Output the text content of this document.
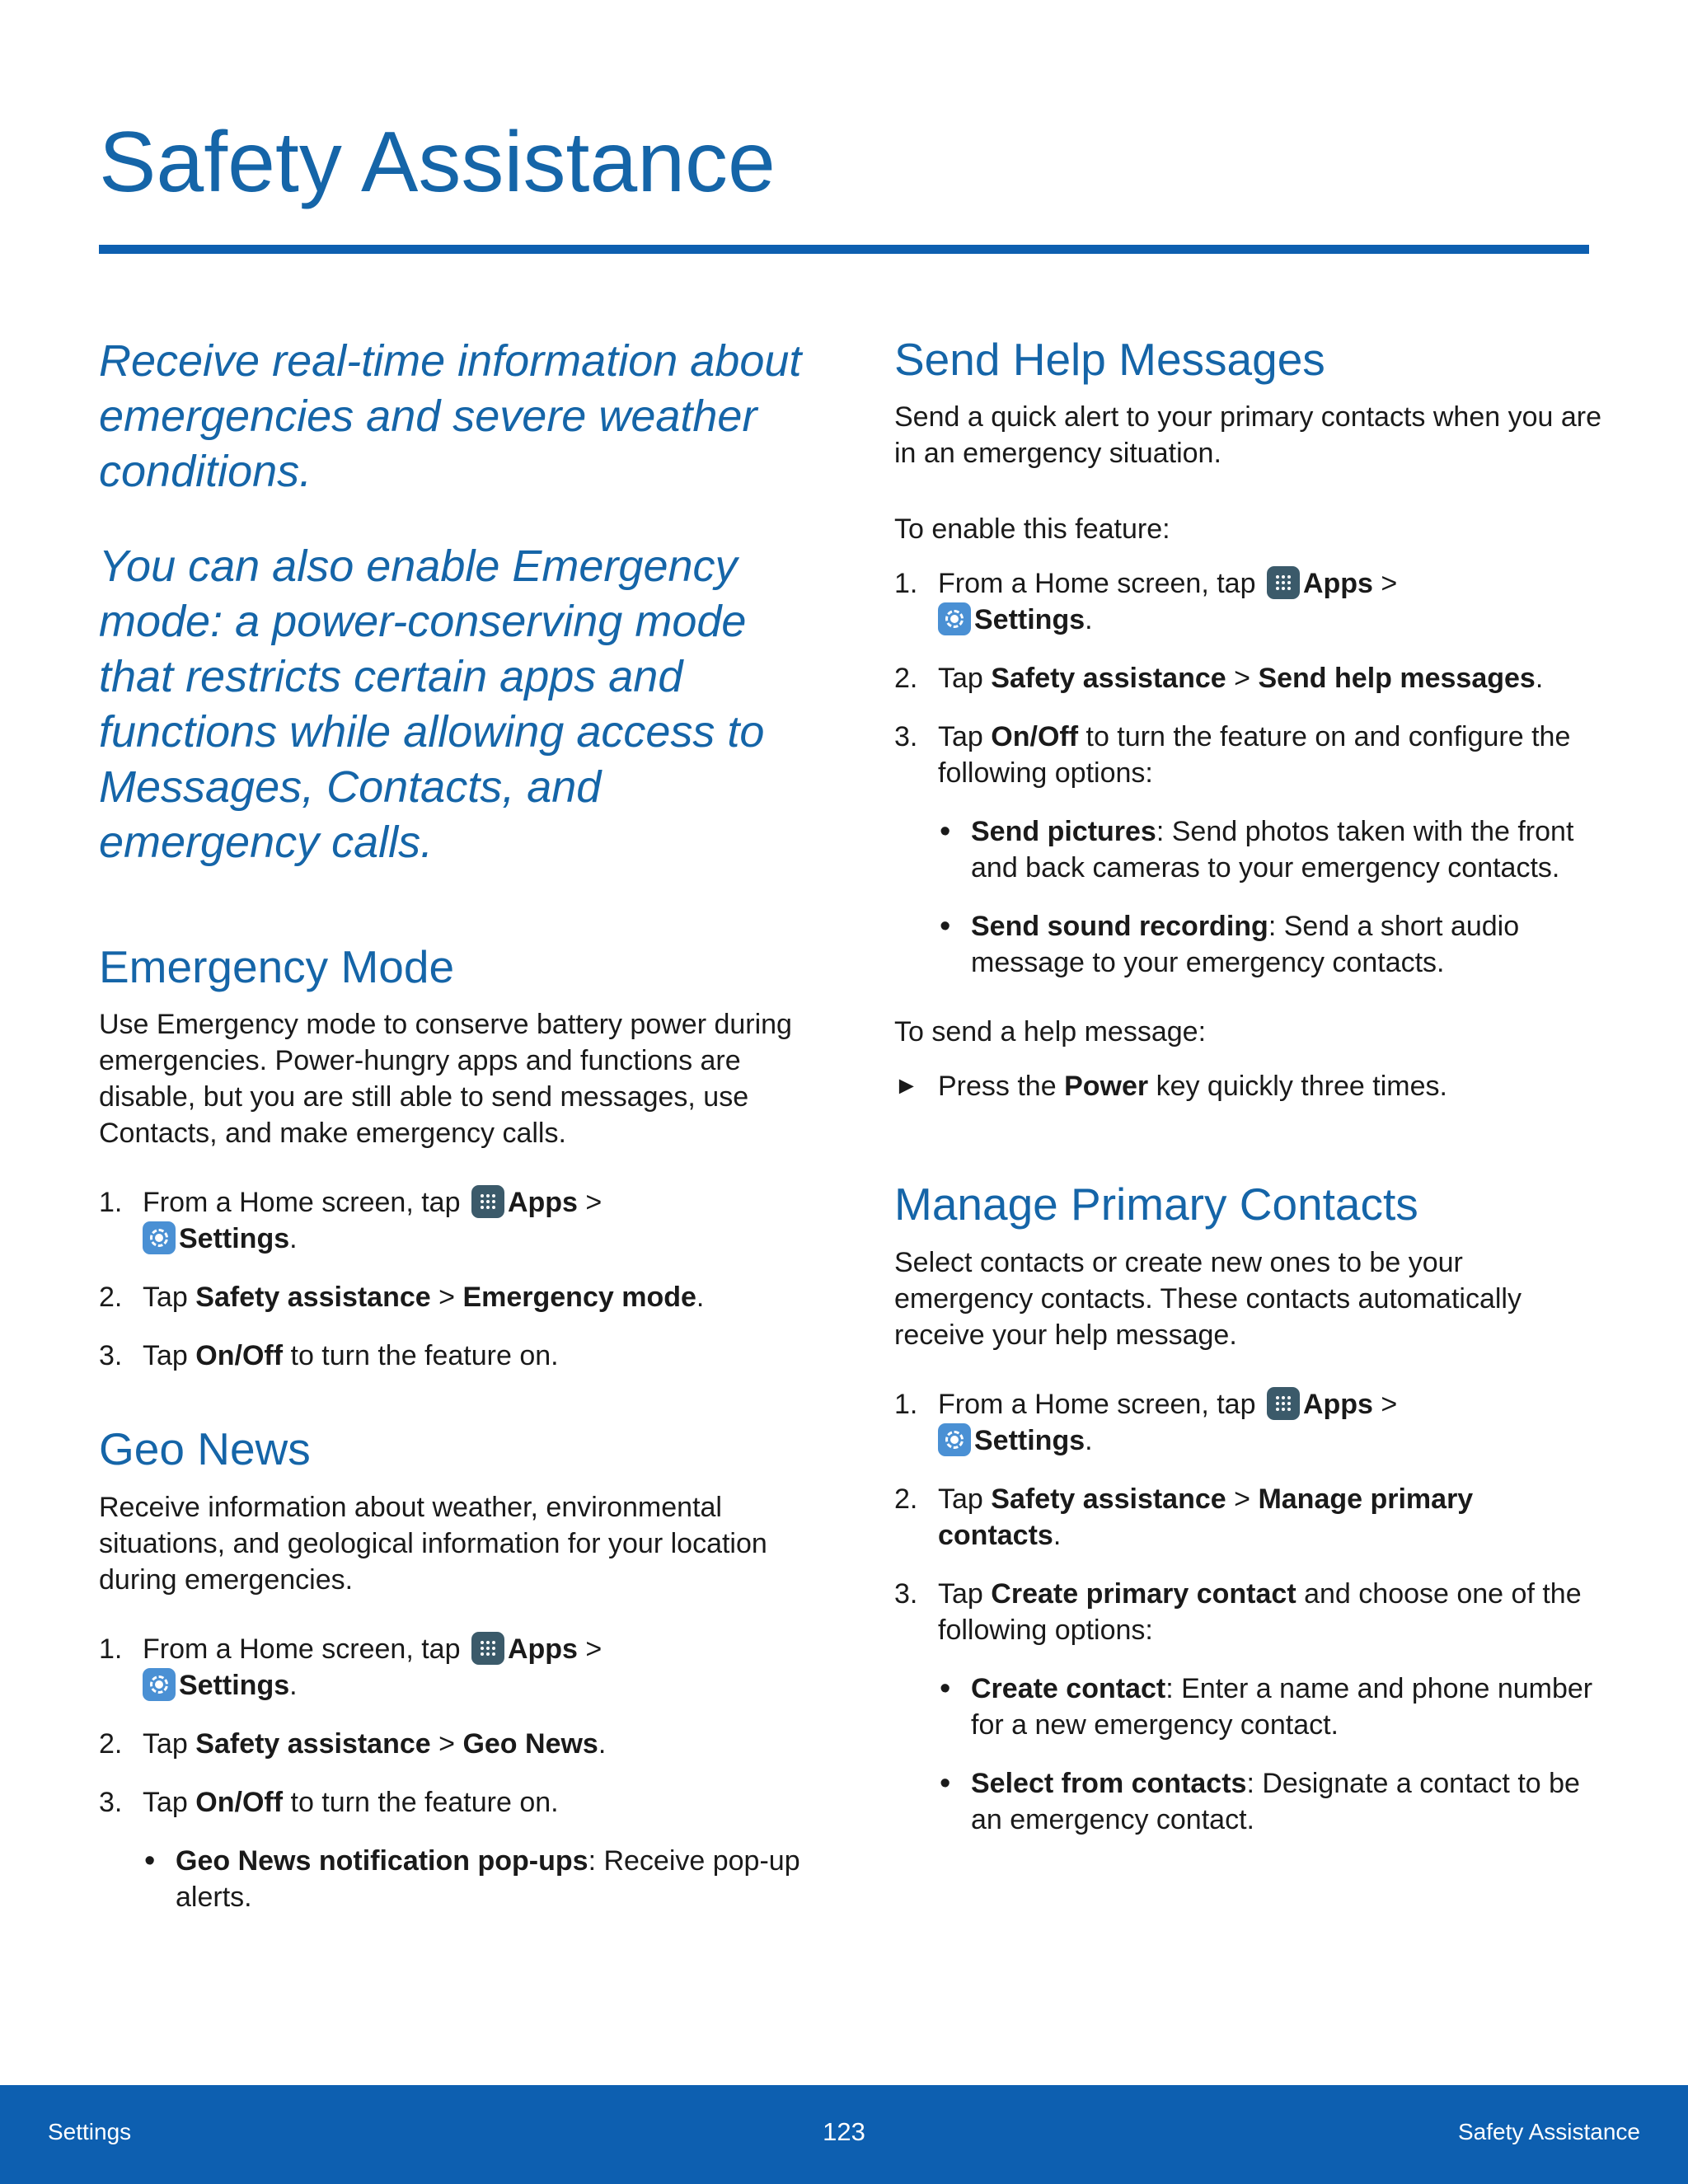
Safety Assistance

Receive real-time information about emergencies and severe weather conditions.

You can also enable Emergency mode: a power-conserving mode that restricts certain apps and functions while allowing access to Messages, Contacts, and emergency calls.

Emergency Mode

Use Emergency mode to conserve battery power during emergencies. Power-hungry apps and functions are disable, but you are still able to send messages, use Contacts, and make emergency calls.

1. From a Home screen, tap Apps >
Settings.
2. Tap Safety assistance > Emergency mode.
3. Tap On/Off to turn the feature on.
Geo News

Receive information about weather, environmental situations, and geological information for your location during emergencies.

1. From a Home screen, tap Apps >
Settings.
2. Tap Safety assistance > Geo News.
3. Tap On/Off to turn the feature on.
• Geo News notification pop-ups: Receive pop-up alerts.
Send Help Messages

Send a quick alert to your primary contacts when you are in an emergency situation.

To enable this feature:

1. From a Home screen, tap Apps >
Settings.
2. Tap Safety assistance > Send help messages.
3. Tap On/Off to turn the feature on and configure the following options:
• Send pictures: Send photos taken with the front and back cameras to your emergency contacts.
• Send sound recording: Send a short audio message to your emergency contacts.

To send a help message:

► Press the Power key quickly three times.
Manage Primary Contacts

Select contacts or create new ones to be your emergency contacts. These contacts automatically receive your help message.

1. From a Home screen, tap Apps >
Settings.
2. Tap Safety assistance > Manage primary contacts.
3. Tap Create primary contact and choose one of the following options:
• Create contact: Enter a name and phone number for a new emergency contact.
• Select from contacts: Designate a contact to be an emergency contact.
Settings	123	Safety Assistance
